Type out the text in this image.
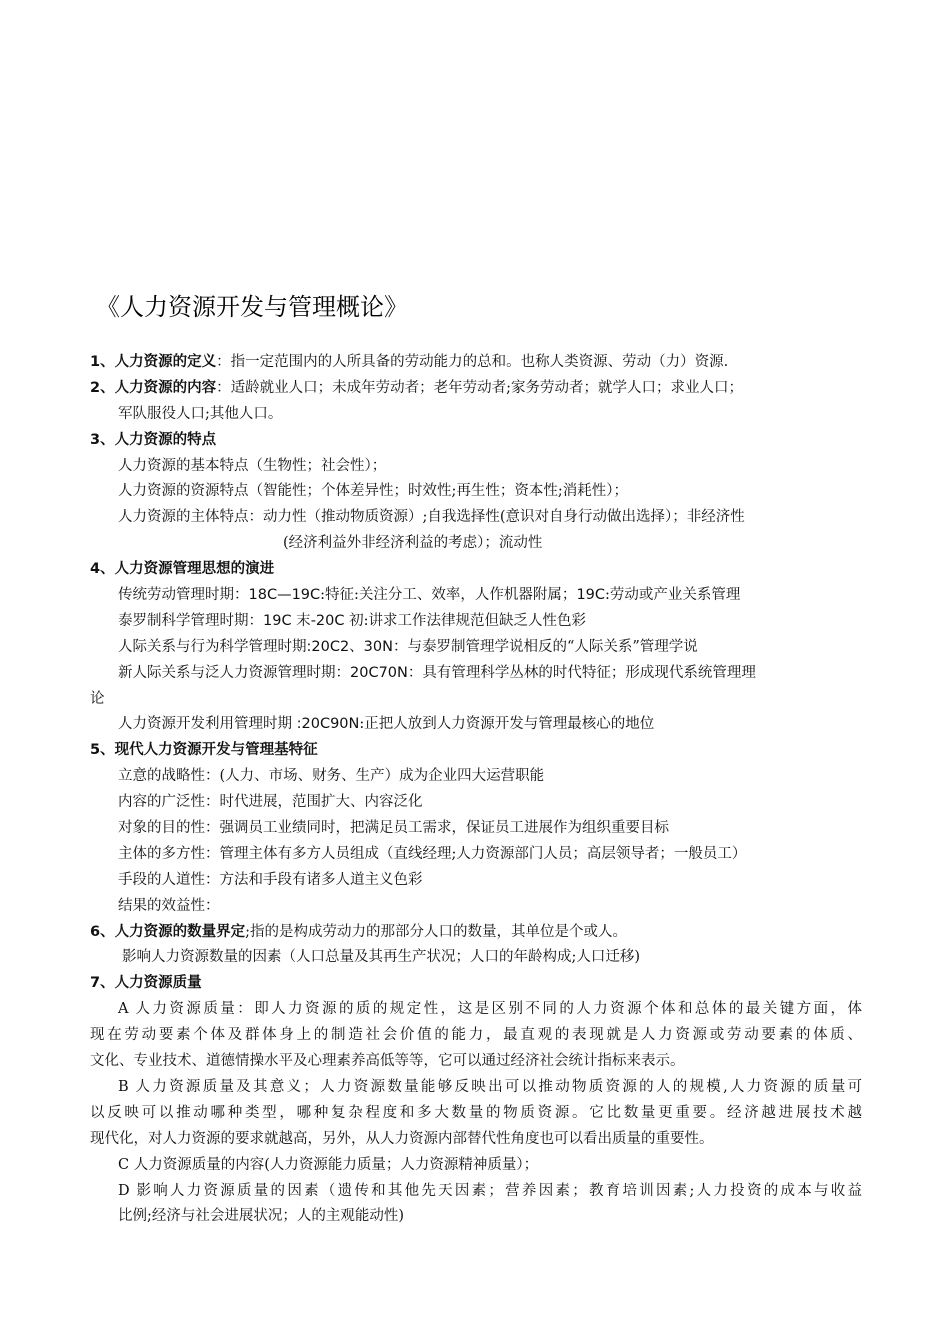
《人力资源开发与管理概论》
1、人力资源的定义：指一定范围内的人所具备的劳动能力的总和。也称人类资源、劳动（力）资源.
2、人力资源的内容：适龄就业人口；未成年劳动者；老年劳动者;家务劳动者；就学人口；求业人口；
军队服役人口;其他人口。
3、人力资源的特点
人力资源的基本特点（生物性；社会性）；
人力资源的资源特点（智能性；个体差异性；时效性;再生性；资本性;消耗性）；
人力资源的主体特点：动力性（推动物质资源）;自我选择性(意识对自身行动做出选择）；非经济性
(经济利益外非经济利益的考虑）；流动性
4、人力资源管理思想的演进
传统劳动管理时期：18C—19C:特征:关注分工、效率，人作机器附属；19C:劳动或产业关系管理
泰罗制科学管理时期：19C 末-20C 初:讲求工作法律规范但缺乏人性色彩
人际关系与行为科学管理时期:20C2、30N：与泰罗制管理学说相反的“人际关系”管理学说
新人际关系与泛人力资源管理时期：20C70N：具有管理科学丛林的时代特征；形成现代系统管理理
论
人力资源开发利用管理时期 :20C90N:正把人放到人力资源开发与管理最核心的地位
5、现代人力资源开发与管理基特征
立意的战略性：(人力、市场、财务、生产）成为企业四大运营职能
内容的广泛性：时代进展，范围扩大、内容泛化
对象的目的性：强调员工业绩同时，把满足员工需求，保证员工进展作为组织重要目标
主体的多方性：管理主体有多方人员组成（直线经理;人力资源部门人员；高层领导者；一般员工）
手段的人道性：方法和手段有诸多人道主义色彩
结果的效益性：
6、人力资源的数量界定;指的是构成劳动力的那部分人口的数量，其单位是个或人。
影响人力资源数量的因素（人口总量及其再生产状况；人口的年龄构成;人口迁移)
7、人力资源质量
A 人力资源质量：即人力资源的质的规定性，这是区别不同的人力资源个体和总体的最关键方面，体
现在劳动要素个体及群体身上的制造社会价值的能力，最直观的表现就是人力资源或劳动要素的体质、
文化、专业技术、道德情操水平及心理素养高低等等，它可以通过经济社会统计指标来表示。
B 人力资源质量及其意义；人力资源数量能够反映出可以推动物质资源的人的规模,人力资源的质量可
以反映可以推动哪种类型，哪种复杂程度和多大数量的物质资源。它比数量更重要。经济越进展技术越
现代化，对人力资源的要求就越高，另外，从人力资源内部替代性角度也可以看出质量的重要性。
C 人力资源质量的内容(人力资源能力质量；人力资源精神质量）；
D 影响人力资源质量的因素（遗传和其他先天因素；营养因素；教育培训因素;人力投资的成本与收益
比例;经济与社会进展状况；人的主观能动性)
